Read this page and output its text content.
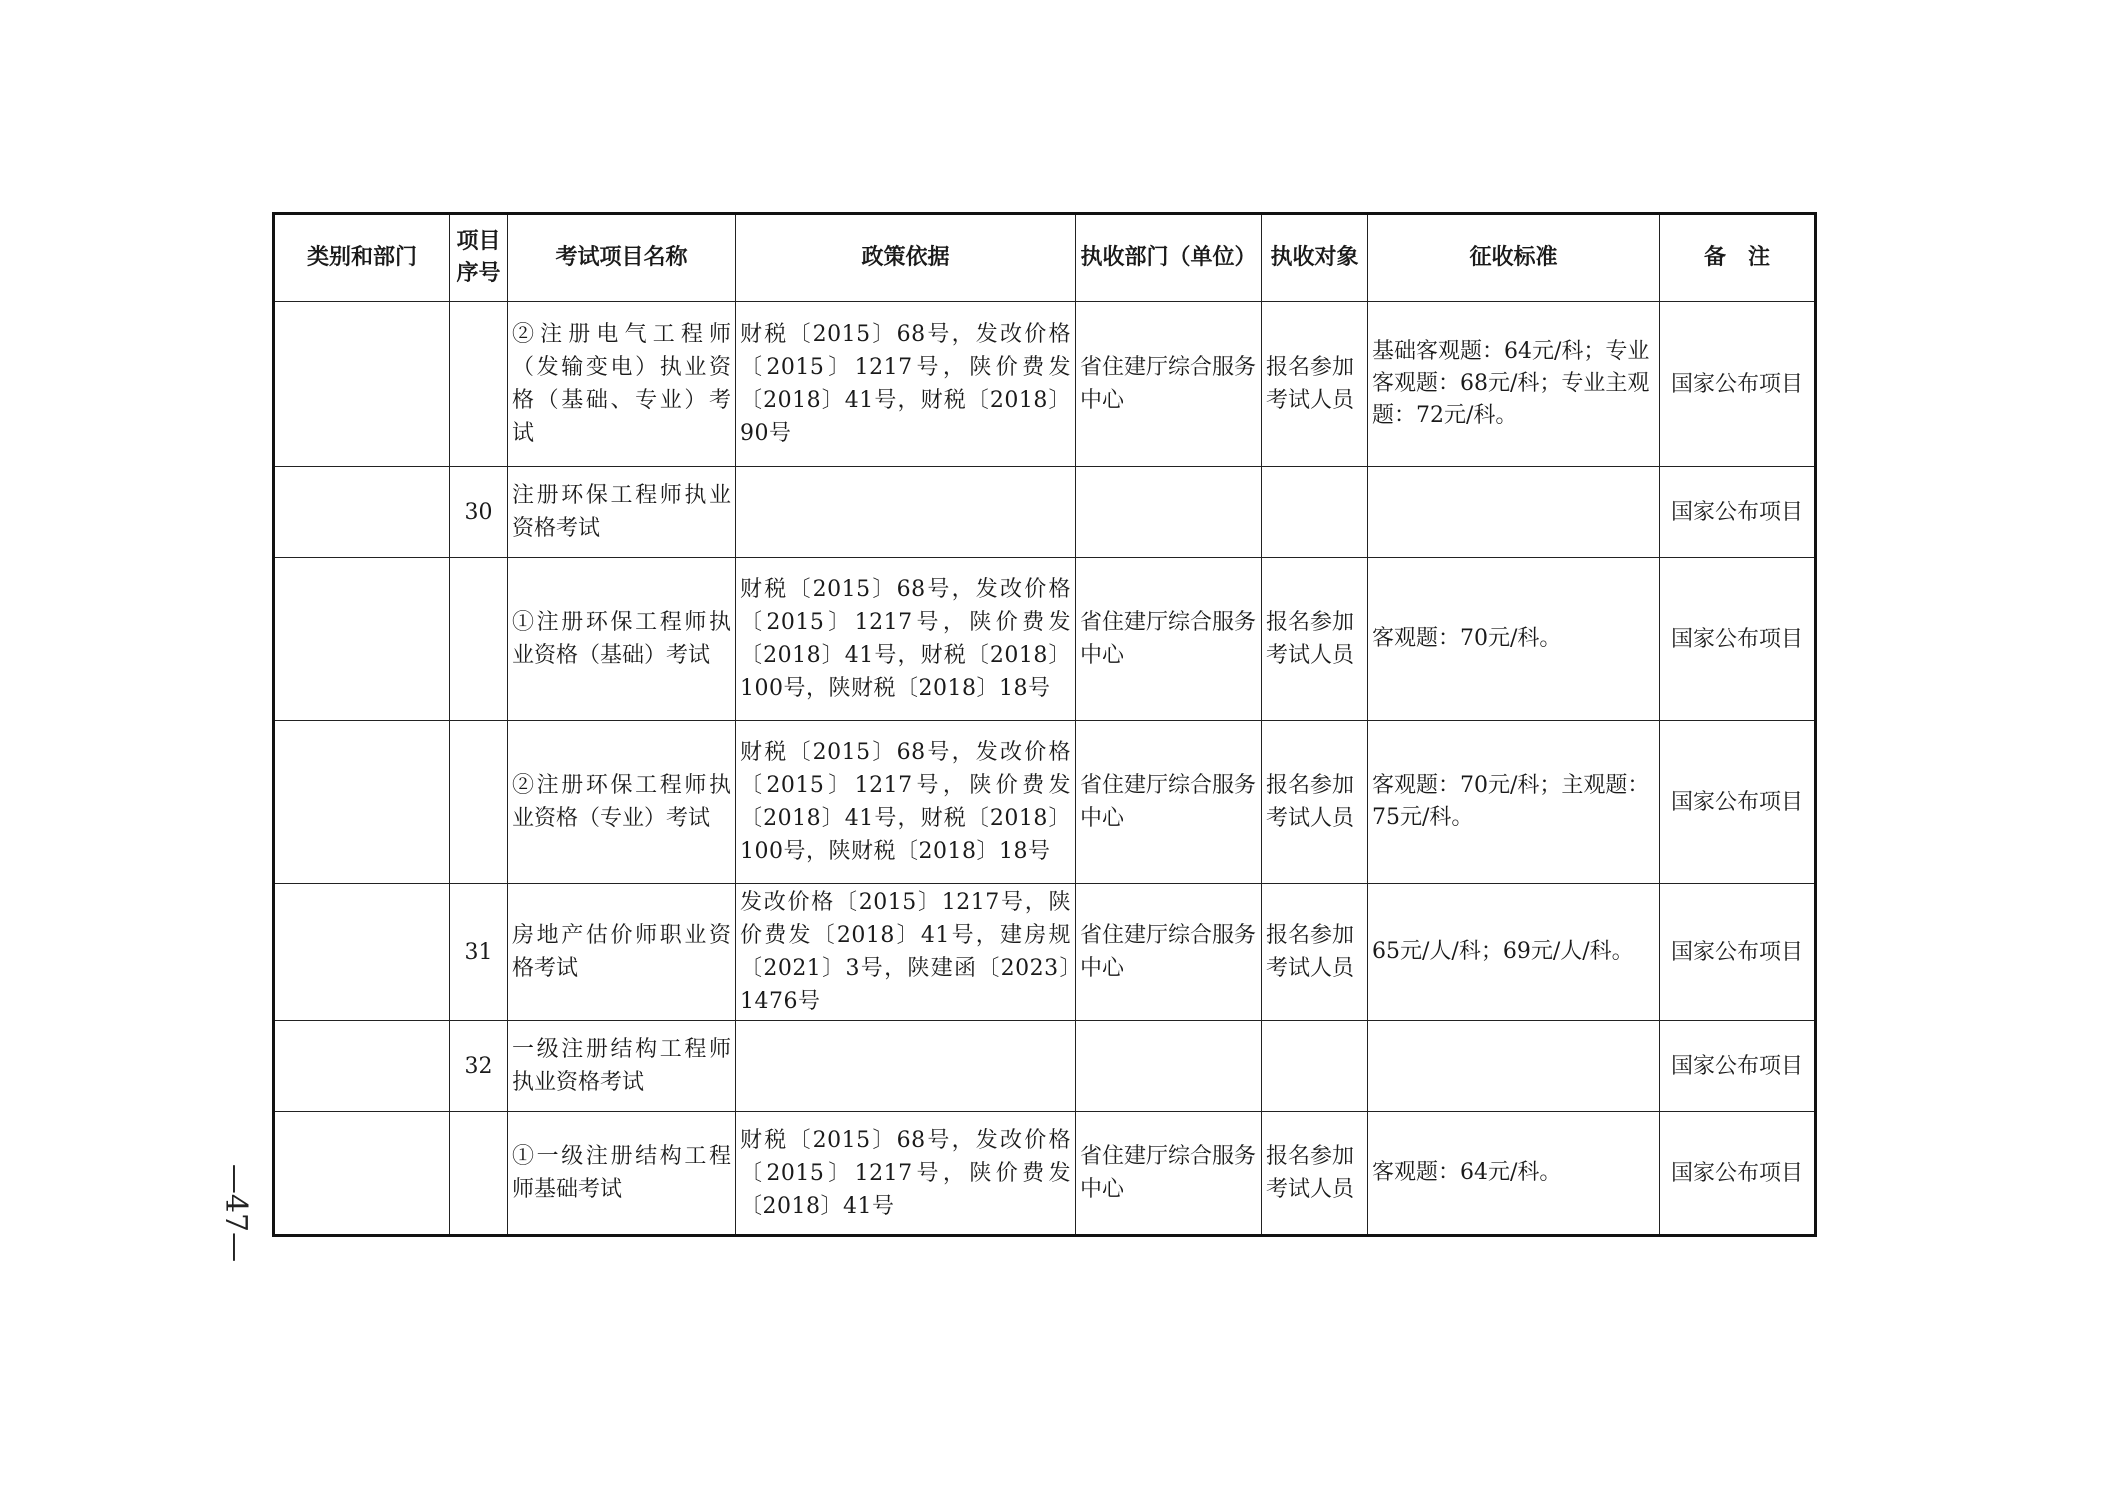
类别和部门	项目序号	考试项目名称	政策依据	执收部门（单位）	执收对象	征收标准	备　注
		②注册电气工程师（发输变电）执业资格（基础、专业）考试	财税〔2015〕68号，发改价格〔2015〕1217号，陕价费发〔2018〕41号，财税〔2018〕90号	省住建厅综合服务中心	报名参加考试人员	基础客观题：64元/科；专业客观题：68元/科；专业主观题：72元/科。	国家公布项目
	30	注册环保工程师执业资格考试					国家公布项目
		①注册环保工程师执业资格（基础）考试	财税〔2015〕68号，发改价格〔2015〕1217号，陕价费发〔2018〕41号，财税〔2018〕100号，陕财税〔2018〕18号	省住建厅综合服务中心	报名参加考试人员	客观题：70元/科。	国家公布项目
		②注册环保工程师执业资格（专业）考试	财税〔2015〕68号，发改价格〔2015〕1217号，陕价费发〔2018〕41号，财税〔2018〕100号，陕财税〔2018〕18号	省住建厅综合服务中心	报名参加考试人员	客观题：70元/科；主观题：75元/科。	国家公布项目
	31	房地产估价师职业资格考试	发改价格〔2015〕1217号，陕价费发〔2018〕41号，建房规〔2021〕3号，陕建函〔2023〕1476号	省住建厅综合服务中心	报名参加考试人员	65元/人/科；69元/人/科。	国家公布项目
	32	一级注册结构工程师执业资格考试					国家公布项目
		①一级注册结构工程师基础考试	财税〔2015〕68号，发改价格〔2015〕1217号，陕价费发〔2018〕41号	省住建厅综合服务中心	报名参加考试人员	客观题：64元/科。	国家公布项目
—47—
